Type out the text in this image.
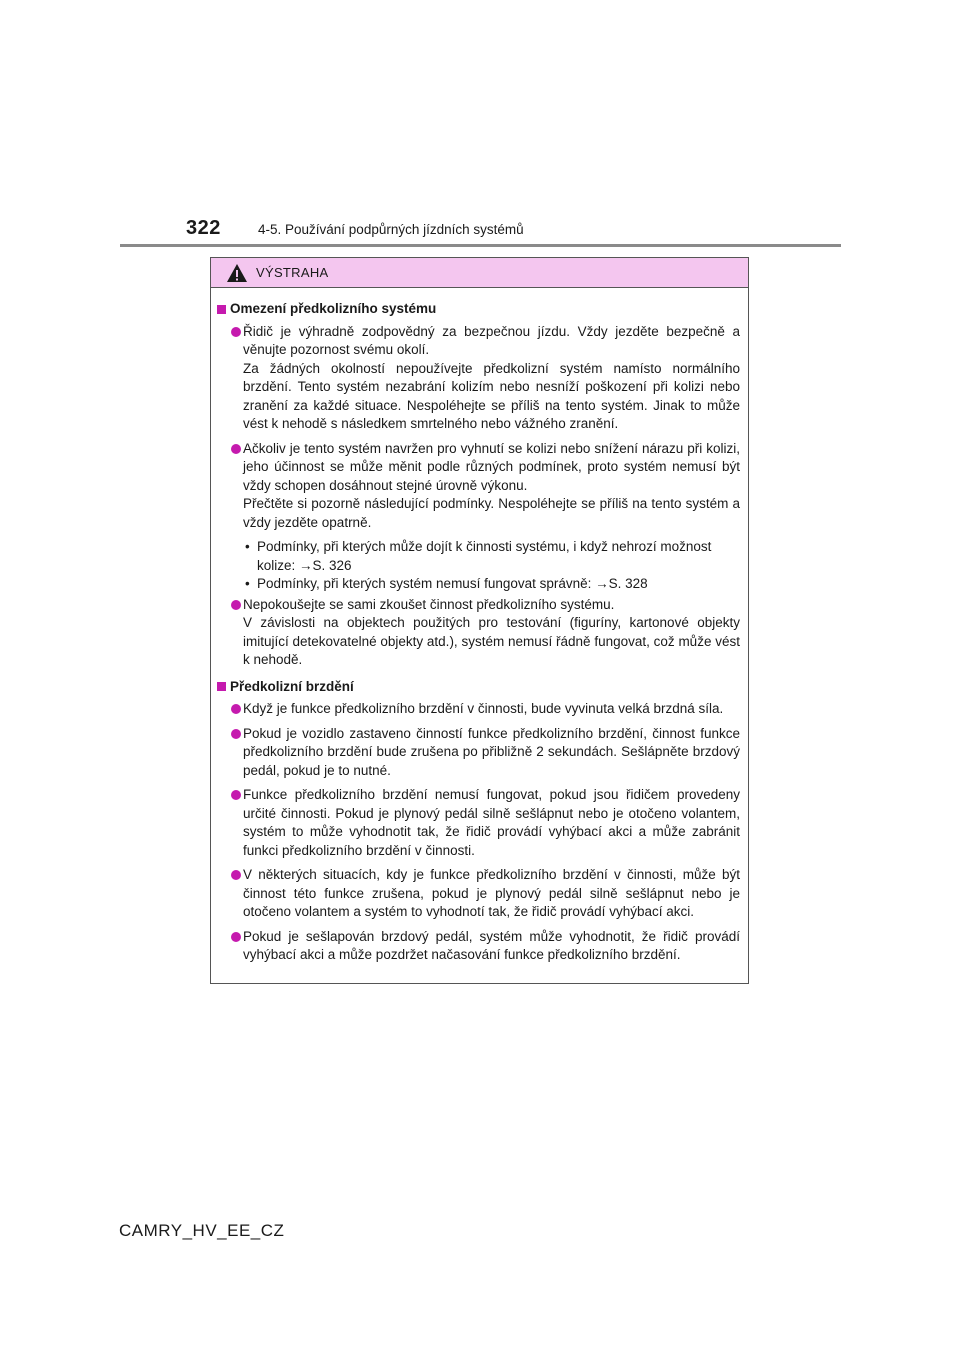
322	4-5. Používání podpůrných jízdních systémů
VÝSTRAHA
Omezení předkolizního systému
Řidič je výhradně zodpovědný za bezpečnou jízdu. Vždy jezděte bezpečně a věnujte pozornost svému okolí.
Za žádných okolností nepoužívejte předkolizní systém namísto normálního brzdění. Tento systém nezabrání kolizím nebo nesníží poškození při kolizi nebo zranění za každé situace. Nespoléhejte se příliš na tento systém. Jinak to může vést k nehodě s následkem smrtelného nebo vážného zranění.
Ačkoliv je tento systém navržen pro vyhnutí se kolizi nebo snížení nárazu při kolizi, jeho účinnost se může měnit podle různých podmínek, proto systém nemusí být vždy schopen dosáhnout stejné úrovně výkonu.
Přečtěte si pozorně následující podmínky. Nespoléhejte se příliš na tento systém a vždy jezděte opatrně.
• Podmínky, při kterých může dojít k činnosti systému, i když nehrozí možnost kolize: →S. 326
• Podmínky, při kterých systém nemusí fungovat správně: →S. 328
Nepokoušejte se sami zkoušet činnost předkolizního systému.
V závislosti na objektech použitých pro testování (figuríny, kartonové objekty imitující detekovatelné objekty atd.), systém nemusí řádně fungovat, což může vést k nehodě.
Předkolizní brzdění
Když je funkce předkolizního brzdění v činnosti, bude vyvinuta velká brzdná síla.
Pokud je vozidlo zastaveno činností funkce předkolizního brzdění, činnost funkce předkolizního brzdění bude zrušena po přibližně 2 sekundách. Sešlápněte brzdový pedál, pokud je to nutné.
Funkce předkolizního brzdění nemusí fungovat, pokud jsou řidičem provedeny určité činnosti. Pokud je plynový pedál silně sešlápnut nebo je otočeno volantem, systém to může vyhodnotit tak, že řidič provádí vyhýbací akci a může zabránit funkci předkolizního brzdění v činnosti.
V některých situacích, kdy je funkce předkolizního brzdění v činnosti, může být činnost této funkce zrušena, pokud je plynový pedál silně sešlápnut nebo je otočeno volantem a systém to vyhodnotí tak, že řidič provádí vyhýbací akci.
Pokud je sešlapován brzdový pedál, systém může vyhodnotit, že řidič provádí vyhýbací akci a může pozdržet načasování funkce předkolizního brzdění.
CAMRY_HV_EE_CZ
